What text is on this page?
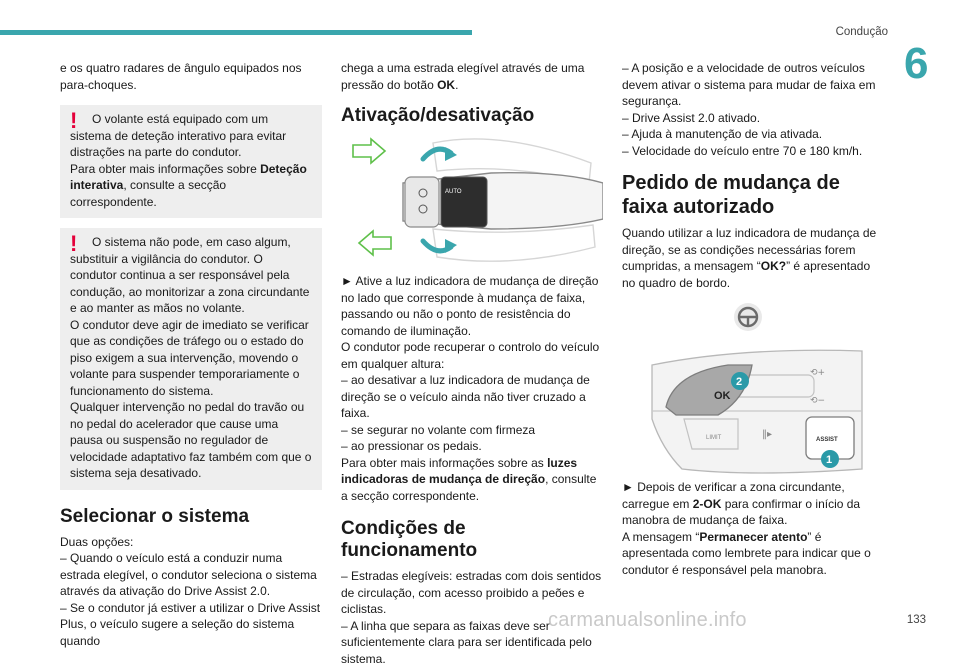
Condução
6

e os quatro radares de ângulo equipados nos para-choques.

!	O volante está equipado com um sistema de deteção interativo para evitar distrações na parte do condutor.

Para obter mais informações sobre Deteção interativa, consulte a secção correspondente.

!	O sistema não pode, em caso algum, substituir a vigilância do condutor. O condutor continua a ser responsável pela condução, ao monitorizar a zona circundante e ao manter as mãos no volante.

O condutor deve agir de imediato se verificar que as condições de tráfego ou o estado do piso exigem a sua intervenção, movendo o volante para suspender temporariamente o funcionamento do sistema.

Qualquer intervenção no pedal do travão ou no pedal do acelerador que cause uma pausa ou suspensão no regulador de velocidade adaptativo faz também com que o sistema seja desativado.

Selecionar o sistema

Duas opções:

– Quando o veículo está a conduzir numa estrada elegível, o condutor seleciona o sistema através da ativação do Drive Assist 2.0.

– Se o condutor já estiver a utilizar o Drive Assist Plus, o veículo sugere a seleção do sistema quando

chega a uma estrada elegível através de uma pressão do botão OK.

Ativação/desativação
AUTO

► Ative a luz indicadora de mudança de direção no lado que corresponde à mudança de faixa, passando ou não o ponto de resistência do comando de iluminação.

O condutor pode recuperar o controlo do veículo em qualquer altura:

– ao desativar a luz indicadora de mudança de direção se o veículo ainda não tiver cruzado a faixa.

– se segurar no volante com firmeza

– ao pressionar os pedais.

Para obter mais informações sobre as luzes indicadoras de mudança de direção, consulte a secção correspondente.

Condições de funcionamento

– Estradas elegíveis: estradas com dois sentidos de circulação, com acesso proibido a peões e ciclistas.

– A linha que separa as faixas deve ser suficientemente clara para ser identificada pelo sistema.

– A posição e a velocidade de outros veículos devem ativar o sistema para mudar de faixa em segurança.

– Drive Assist 2.0 ativado.

– Ajuda à manutenção de via ativada.

– Velocidade do veículo entre 70 e 180 km/h.

Pedido de mudança de faixa autorizado

Quando utilizar a luz indicadora de mudança de direção, se as condições necessárias forem cumpridas, a mensagem “OK?” é apresentado no quadro de bordo.

OK
2
⟲+
⟲−
LIMIT	‖▸	ASSIST
1

► Depois de verificar a zona circundante, carregue em 2-OK para confirmar o início da manobra de mudança de faixa.

A mensagem “Permanecer atento” é apresentada como lembrete para indicar que o condutor é responsável pela manobra.

carmanualsonline.info	133
